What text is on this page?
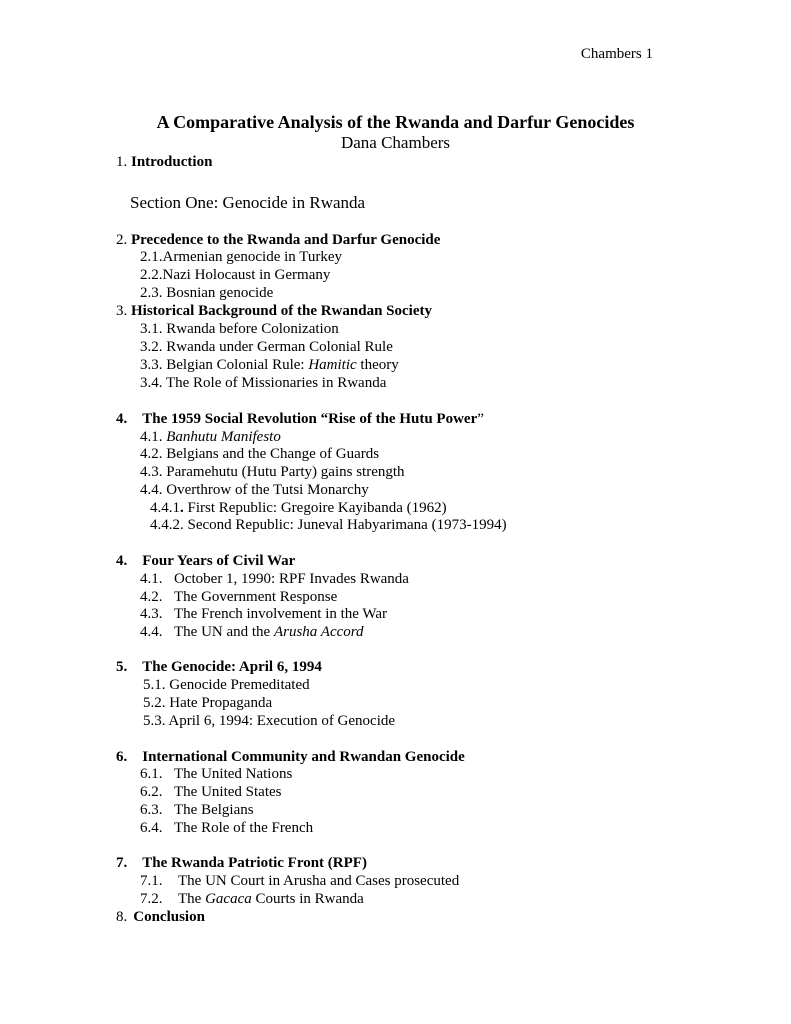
Chambers 1
A Comparative Analysis of the Rwanda and Darfur Genocides
Dana Chambers
1. Introduction
Section One: Genocide in Rwanda
2. Precedence to the Rwanda and Darfur Genocide
2.1.Armenian genocide in Turkey
2.2.Nazi Holocaust in Germany
2.3. Bosnian genocide
3. Historical Background of the Rwandan Society
3.1. Rwanda before Colonization
3.2. Rwanda under German Colonial Rule
3.3. Belgian Colonial Rule: Hamitic theory
3.4. The Role of Missionaries in Rwanda
4. The 1959 Social Revolution “Rise of the Hutu Power”
4.1. Banhutu Manifesto
4.2. Belgians and the Change of Guards
4.3. Paramehutu (Hutu Party) gains strength
4.4. Overthrow of the Tutsi Monarchy
4.4.1. First Republic: Gregoire Kayibanda (1962)
4.4.2. Second Republic: Juneval Habyarimana (1973-1994)
4. Four Years of Civil War
4.1. October 1, 1990: RPF Invades Rwanda
4.2. The Government Response
4.3. The French involvement in the War
4.4. The UN and the Arusha Accord
5. The Genocide: April 6, 1994
5.1. Genocide Premeditated
5.2. Hate Propaganda
5.3. April 6, 1994: Execution of Genocide
6. International Community and Rwandan Genocide
6.1. The United Nations
6.2. The United States
6.3. The Belgians
6.4. The Role of the French
7. The Rwanda Patriotic Front (RPF)
7.1. The UN Court in Arusha and Cases prosecuted
7.2. The Gacaca Courts in Rwanda
8. Conclusion
